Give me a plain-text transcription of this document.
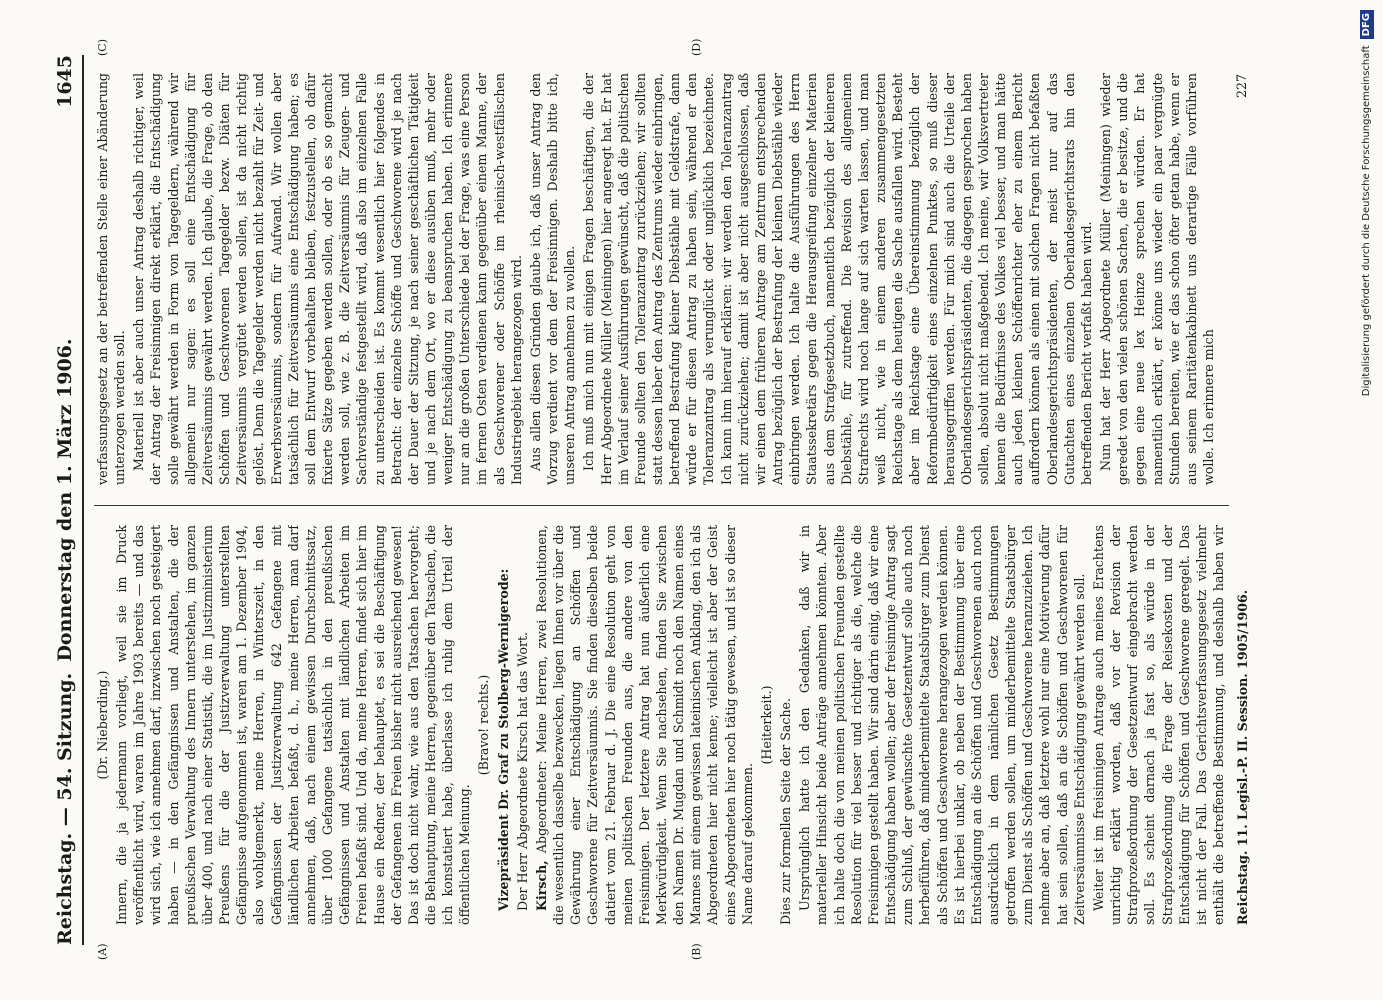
Reichstag. — 54. Sitzung.
Donnerstag den 1. März 1906.
1645
(A)	(B)
(C)	(D)

(Dr. Nieberding.) Innern, die ja jedermann vorliegt, weil sie im Druck veröffentlicht wird, waren im Jahre 1903 bereits — und das wird sich, wie ich annehmen darf, inzwischen noch gesteigert haben — in den Gefängnissen und Anstalten, die der preußischen Verwaltung des Innern unterstehen, im ganzen über 400, und nach einer Statistik, die im Justizministerium Preußens für die der Justizverwaltung unterstellten Gefängnisse aufgenommen ist, waren am 1. Dezember 1904, also wohlgemerkt, meine Herren, in Winterszeit, in den Gefängnissen der Justizverwaltung 642 Gefangene mit ländlichen Arbeiten befaßt, d. h., meine Herren, man darf annehmen, daß, nach einem gewissen Durchschnittssatz, über 1000 Gefangene tatsächlich in den preußischen Gefängnissen und Anstalten mit ländlichen Arbeiten im Freien befaßt sind. Und da, meine Herren, findet sich hier im Hause ein Redner, der behauptet, es sei die Beschäftigung der Gefangenen im Freien bisher nicht ausreichend gewesen! Das ist doch nicht wahr, wie aus den Tatsachen hervorgeht; die Behauptung, meine Herren, gegenüber den Tatsachen, die ich konstatiert habe, überlasse ich ruhig dem Urteil der öffentlichen Meinung.

(Bravo! rechts.) Vizepräsident Dr. Graf zu Stolberg-Wernigerode: Der Herr Abgeordnete Kirsch hat das Wort. Kirsch, Abgeordneter: Meine Herren, zwei Resolutionen, die wesentlich dasselbe bezwecken, liegen Ihnen vor über die Gewährung einer Entschädigung an Schöffen und Geschworene für Zeitversäumnis. Sie finden dieselben beide datiert vom 21. Februar d. J. Die eine Resolution geht von meinen politischen Freunden aus, die andere von den Freisinnigen. Der letztere Antrag hat nun äußerlich eine Merkwürdigkeit. Wenn Sie nachsehen, finden Sie zwischen den Namen Dr. Mugdan und Schmidt noch den Namen eines Mannes mit einem gewissen lateinischen Anklang, den ich als Abgeordneten hier nicht kenne; vielleicht ist aber der Geist eines Abgeordneten hier noch tätig gewesen, und ist so dieser Name darauf gekommen.

(Heiterkeit.) Dies zur formellen Seite der Sache. Ursprünglich hatte ich den Gedanken, daß wir in materieller Hinsicht beide Anträge annehmen könnten. Aber ich halte doch die von meinen politischen Freunden gestellte Resolution für viel besser und richtiger als die, welche die Freisinnigen gestellt haben. Wir sind darin einig, daß wir eine Entschädigung haben wollen; aber der freisinnige Antrag sagt zum Schluß, der gewünschte Gesetzentwurf solle auch noch herbeiführen, daß minderbemittelte Staatsbürger zum Dienst als Schöffen und Geschworene herangezogen werden können. Es ist hierbei unklar, ob neben der Bestimmung über eine Entschädigung an die Schöffen und Geschworenen auch noch ausdrücklich in dem nämlichen Gesetz Bestimmungen getroffen werden sollen, um minderbemittelte Staatsbürger zum Dienst als Schöffen und Geschworene heranzuziehen. Ich nehme aber an, daß letztere wohl nur eine Motivierung dafür hat sein sollen, daß an die Schöffen und Geschworenen für Zeitversäumnisse Entschädigung gewährt werden soll. Weiter ist im freisinnigen Antrage auch meines Erachtens unrichtig erklärt worden, daß vor der Revision der Strafprozeßordnung der Gesetzentwurf eingebracht werden soll. Es scheint darnach ja fast so, als würde in der Strafprozeßordnung die Frage der Reisekosten und der Entschädigung für Schöffen und Geschworene geregelt. Das ist nicht der Fall. Das Gerichtsverfassungsgesetz vielmehr enthält die betreffende Bestimmung, und deshalb haben wir

verfassungsgesetz an der betreffenden Stelle einer Abänderung unterzogen werden soll. Materiell ist aber auch unser Antrag deshalb richtiger, weil der Antrag der Freisinnigen direkt erklärt, die Entschädigung solle gewährt werden in Form von Tagegeldern, während wir allgemein nur sagen: es soll eine Entschädigung für Zeitversäumnis gewährt werden. Ich glaube, die Frage, ob den Schöffen und Geschworenen Tagegelder bezw. Diäten für Zeitversäumnis vergütet werden sollen, ist da nicht richtig gelöst. Denn die Tagegelder werden nicht bezahlt für Zeit- und Erwerbsversäumnis, sondern für Aufwand. Wir wollen aber tatsächlich für Zeitversäumnis eine Entschädigung haben; es soll dem Entwurf vorbehalten bleiben, festzustellen, ob dafür fixierte Sätze gegeben werden sollen, oder ob es so gemacht werden soll, wie z. B. die Zeitversäumnis für Zeugen- und Sachverständige festgestellt wird, daß also im einzelnen Falle zu unterscheiden ist. Es kommt wesentlich hier folgendes in Betracht: der einzelne Schöffe und Geschworene wird je nach der Dauer der Sitzung, je nach seiner geschäftlichen Tätigkeit und je nach dem Ort, wo er diese ausüben muß, mehr oder weniger Entschädigung zu beanspruchen haben. Ich erinnere nur an die großen Unterschiede bei der Frage, was eine Person im fernen Osten verdienen kann gegenüber einem Manne, der als Geschworener oder Schöffe im rheinisch-westfälischen Industriegebiet herangezogen wird. Aus allen diesen Gründen glaube ich, daß unser Antrag den Vorzug verdient vor dem der Freisinnigen. Deshalb bitte ich, unseren Antrag annehmen zu wollen. Ich muß mich nun mit einigen Fragen beschäftigen, die der Herr Abgeordnete Müller (Meiningen) hier angeregt hat. Er hat im Verlauf seiner Ausführungen gewünscht, daß die politischen Freunde sollten den Toleranzantrag zurückziehen; wir sollten statt dessen lieber den Antrag des Zentrums wieder einbringen, betreffend Bestrafung kleiner Diebstähle mit Geldstrafe, dann würde er für diesen Antrag zu haben sein, während er den Toleranzantrag als verunglückt oder unglücklich bezeichnete. Ich kann ihm hierauf erklären: wir werden den Toleranzantrag nicht zurückziehen; damit ist aber nicht ausgeschlossen, daß wir einen dem früheren Antrage am Zentrum entsprechenden Antrag bezüglich der Bestrafung der kleinen Diebstähle wieder einbringen werden. Ich halte die Ausführungen des Herrn Staatssekretärs gegen die Herausgreifung einzelner Materien aus dem Strafgesetzbuch, namentlich bezüglich der kleineren Diebstähle, für zutreffend. Die Revision des allgemeinen Strafrechts wird noch lange auf sich warten lassen, und man weiß nicht, wie in einem anderen zusammengesetzten Reichstage als dem heutigen die Sache ausfallen wird. Besteht aber im Reichstage eine Übereinstimmung bezüglich der Reformbedürftigkeit eines einzelnen Punktes, so muß dieser herausgegriffen werden. Für mich sind auch die Urteile der Oberlandesgerichtspräsidenten, die dagegen gesprochen haben sollen, absolut nicht maßgebend. Ich meine, wir Volksvertreter kennen die Bedürfnisse des Volkes viel besser, und man hätte auch jeden kleinen Schöffenrichter eher zu einem Bericht auffordern können als einen mit solchen Fragen nicht befaßten Oberlandesgerichtspräsidenten, der meist nur auf das Gutachten eines einzelnen Oberlandesgerichtsrats hin den betreffenden Bericht verfaßt haben wird. Nun hat der Herr Abgeordnete Müller (Meiningen) wieder geredet von den vielen schönen Sachen, die er besitze, und die gegen eine neue lex Heinze sprechen würden. Er hat namentlich erklärt, er könne uns wieder ein paar vergnügte Stunden bereiten, wie er das schon öfter getan habe, wenn er aus seinem Raritätenkabinett uns derartige Fälle vorführen wolle. Ich erinnere mich

Reichstag. 11. Legisl.-P. II. Session. 1905/1906.
227	Digitalisierung gefördert durch die Deutsche ForschungsgemeinschaftDFG
